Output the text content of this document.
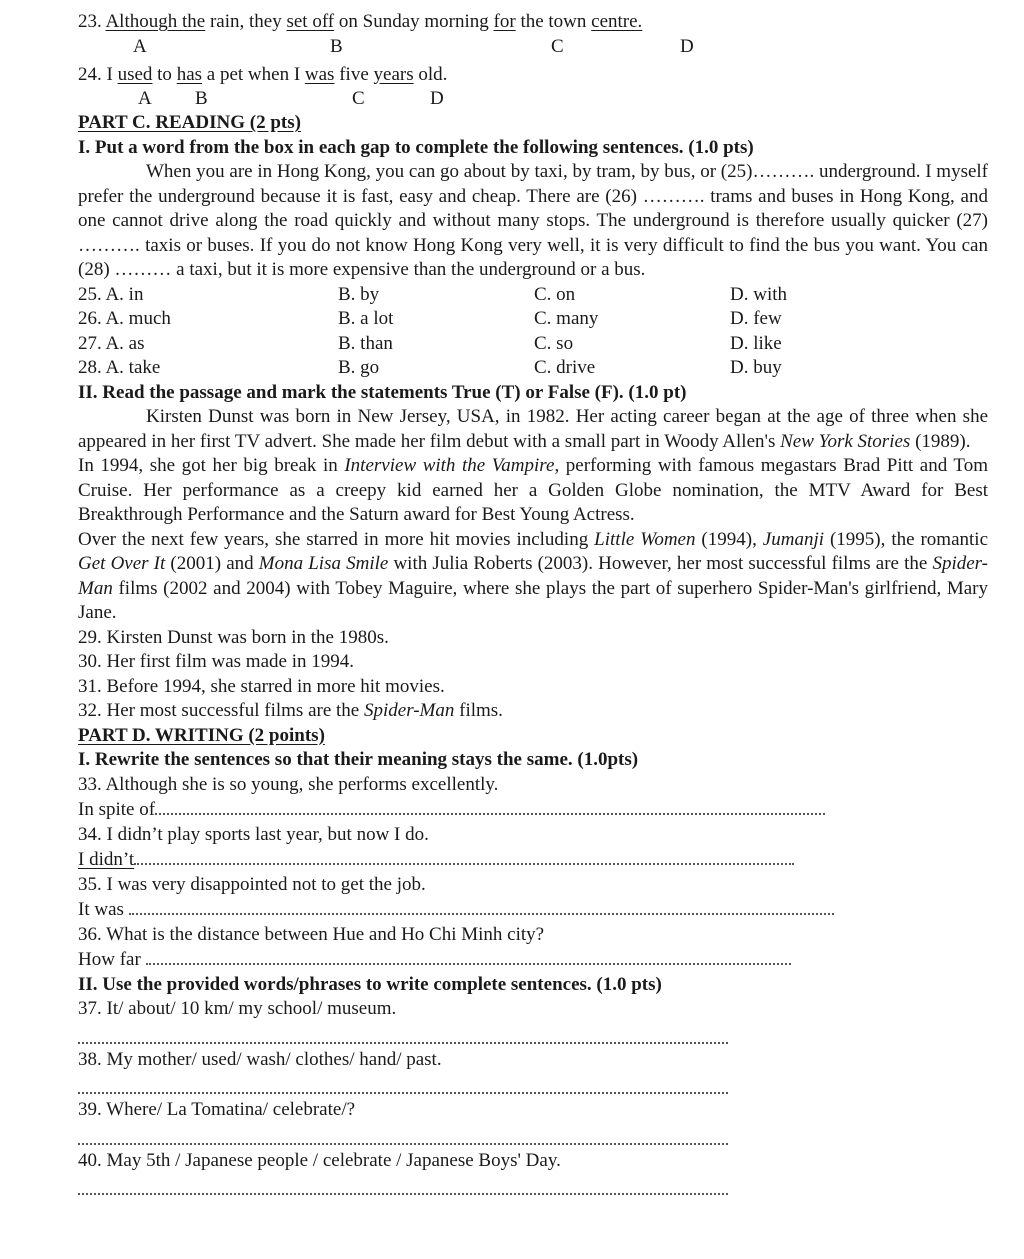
23. Although the rain, they set off on Sunday morning for the town centre.
A	B	C	D
24. I used to has a pet when I was five years old.
A B	C	D
PART C. READING (2 pts)
I. Put a word from the box in each gap to complete the following sentences. (1.0 pts)

When you are in Hong Kong, you can go about by taxi, by tram, by bus, or (25)………. underground. I myself prefer the underground because it is fast, easy and cheap. There are (26) ………. trams and buses in Hong Kong, and one cannot drive along the road quickly and without many stops. The underground is therefore usually quicker (27) ………. taxis or buses. If you do not know Hong Kong very well, it is very difficult to find the bus you want. You can (28) ……… a taxi, but it is more expensive than the underground or a bus.

25. A. in	B. by	C. on	D. with
26. A. much	B. a lot	C. many	D. few
27. A. as	B. than	C. so	D. like
28. A. take	B. go	C. drive	D. buy
II. Read the passage and mark the statements True (T) or False (F). (1.0 pt)

Kirsten Dunst was born in New Jersey, USA, in 1982. Her acting career began at the age of three when she appeared in her first TV advert. She made her film debut with a small part in Woody Allen's New York Stories (1989).

In 1994, she got her big break in Interview with the Vampire, performing with famous megastars Brad Pitt and Tom Cruise. Her performance as a creepy kid earned her a Golden Globe nomination, the MTV Award for Best Breakthrough Performance and the Saturn award for Best Young Actress.

Over the next few years, she starred in more hit movies including Little Women (1994), Jumanji (1995), the romantic Get Over It (2001) and Mona Lisa Smile with Julia Roberts (2003). However, her most successful films are the Spider-Man films (2002 and 2004) with Tobey Maguire, where she plays the part of superhero Spider-Man's girlfriend, Mary Jane.

29. Kirsten Dunst was born in the 1980s.
30. Her first film was made in 1994.
31. Before 1994, she starred in more hit movies.
32. Her most successful films are the Spider-Man films.
PART D. WRITING (2 points)
I. Rewrite the sentences so that their meaning stays the same. (1.0pts)
33. Although she is so young, she performs excellently.
In spite of
34. I didn’t play sports last year, but now I do.
I didn’t
35. I was very disappointed not to get the job.
It was
36. What is the distance between Hue and Ho Chi Minh city?
How far
II. Use the provided words/phrases to write complete sentences. (1.0 pts)
37. It/ about/ 10 km/ my school/ museum.
38. My mother/ used/ wash/ clothes/ hand/ past.
39. Where/ La Tomatina/ celebrate/?
40. May 5th / Japanese people / celebrate / Japanese Boys' Day.
